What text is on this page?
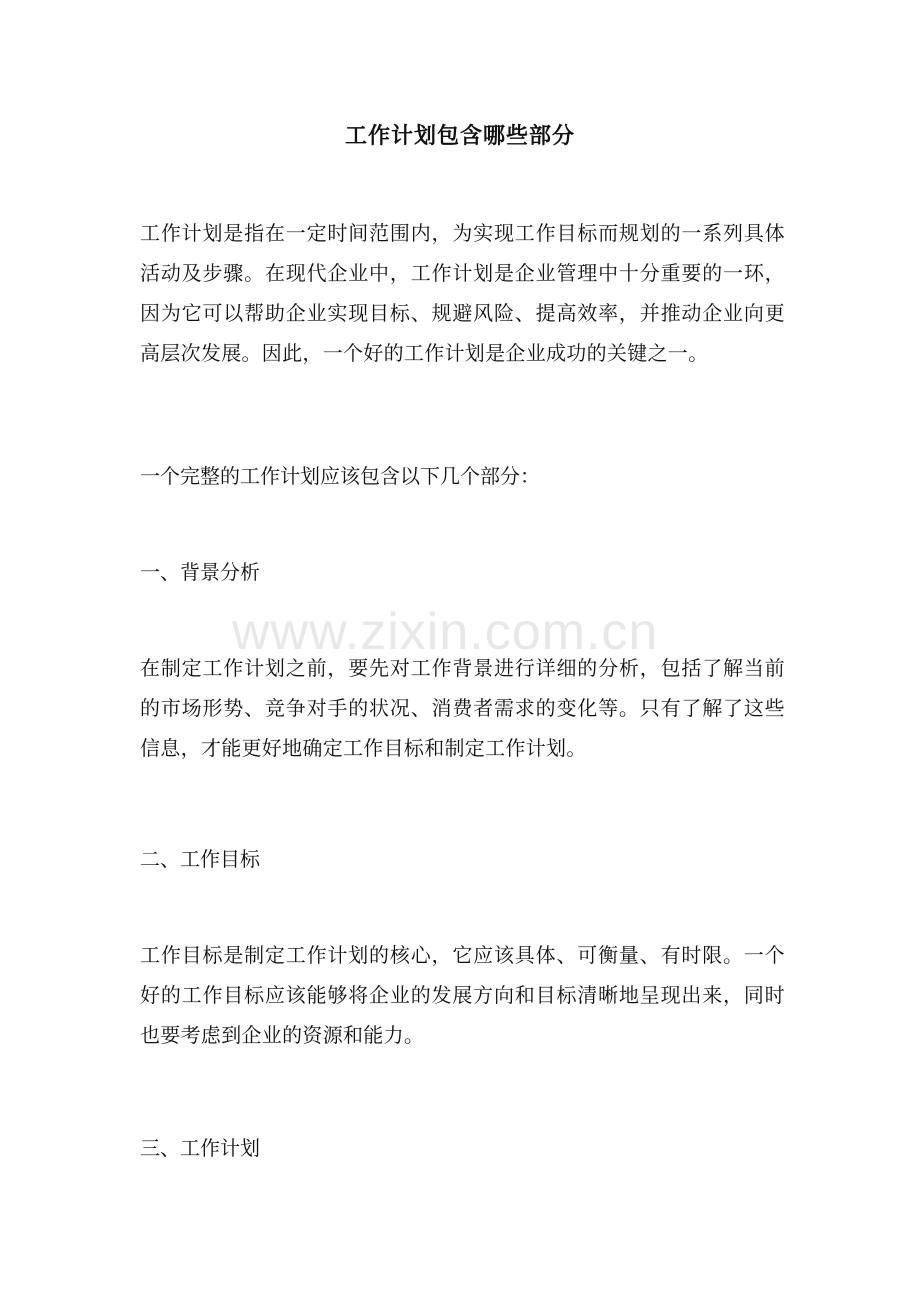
工作计划包含哪些部分
工作计划是指在一定时间范围内，为实现工作目标而规划的一系列具体活动及步骤。在现代企业中，工作计划是企业管理中十分重要的一环，因为它可以帮助企业实现目标、规避风险、提高效率，并推动企业向更高层次发展。因此，一个好的工作计划是企业成功的关键之一。
一个完整的工作计划应该包含以下几个部分：
一、背景分析
在制定工作计划之前，要先对工作背景进行详细的分析，包括了解当前的市场形势、竞争对手的状况、消费者需求的变化等。只有了解了这些信息，才能更好地确定工作目标和制定工作计划。
二、工作目标
工作目标是制定工作计划的核心，它应该具体、可衡量、有时限。一个好的工作目标应该能够将企业的发展方向和目标清晰地呈现出来，同时也要考虑到企业的资源和能力。
三、工作计划
www.zixin.com.cn
